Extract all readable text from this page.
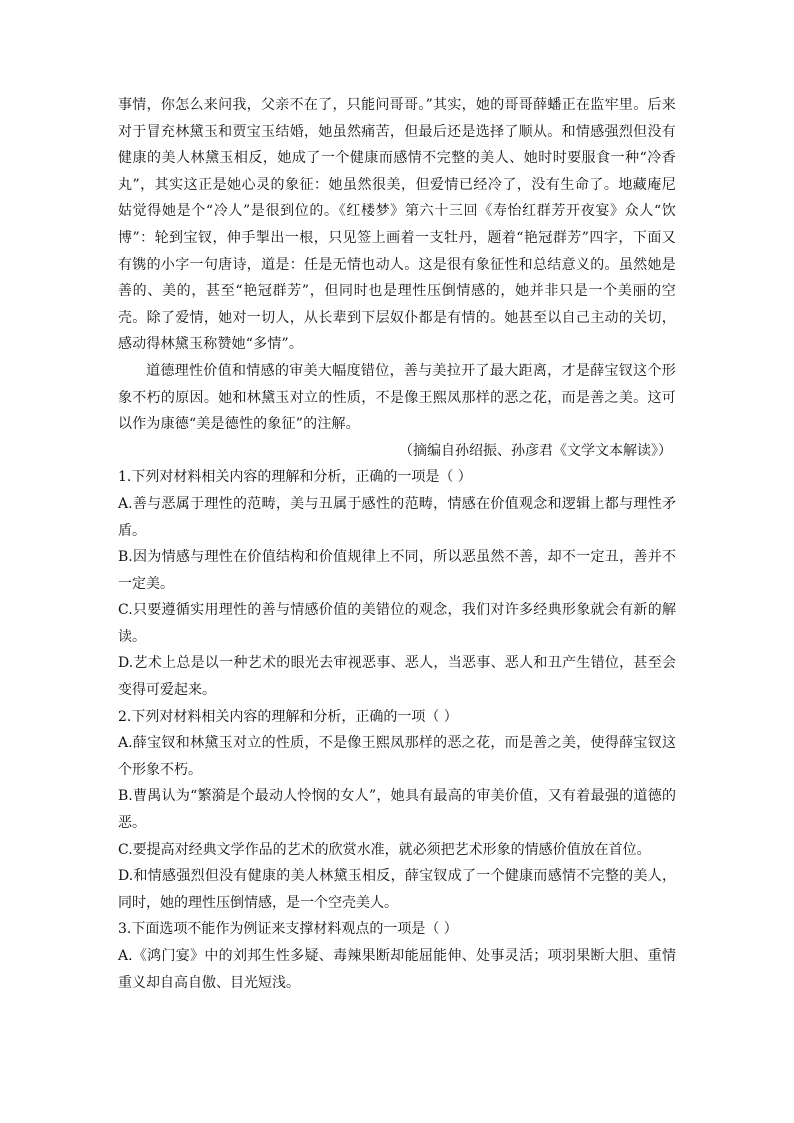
事情，你怎么来问我，父亲不在了，只能问哥哥。”其实，她的哥哥薛蟠正在监牢里。后来对于冒充林黛玉和贾宝玉结婚，她虽然痛苦，但最后还是选择了顺从。和情感强烈但没有健康的美人林黛玉相反，她成了一个健康而感情不完整的美人、她时时要服食一种“冷香丸”，其实这正是她心灵的象征：她虽然很美，但爱情已经冷了，没有生命了。地藏庵尼姑觉得她是个“冷人”是很到位的。《红楼梦》第六十三回《寿怡红群芳开夜宴》众人“饮博”：轮到宝钗，伸手掣出一根，只见签上画着一支牡丹，题着“艳冠群芳”四字，下面又有镌的小字一句唐诗，道是：任是无情也动人。这是很有象征性和总结意义的。虽然她是善的、美的，甚至“艳冠群芳”，但同时也是理性压倒情感的，她并非只是一个美丽的空壳。除了爱情，她对一切人，从长辈到下层奴仆都是有情的。她甚至以自己主动的关切，感动得林黛玉称赞她“多情”。

道德理性价值和情感的审美大幅度错位，善与美拉开了最大距离，才是薛宝钗这个形象不朽的原因。她和林黛玉对立的性质，不是像王熙凤那样的恶之花，而是善之美。这可以作为康德“美是德性的象征”的注解。

（摘编自孙绍振、孙彦君《文学文本解读》）

1.下列对材料相关内容的理解和分析，正确的一项是（ ）

A.善与恶属于理性的范畴，美与丑属于感性的范畴，情感在价值观念和逻辑上都与理性矛盾。

B.因为情感与理性在价值结构和价值规律上不同，所以恶虽然不善，却不一定丑，善并不一定美。

C.只要遵循实用理性的善与情感价值的美错位的观念，我们对许多经典形象就会有新的解读。

D.艺术上总是以一种艺术的眼光去审视恶事、恶人，当恶事、恶人和丑产生错位，甚至会变得可爱起来。

2.下列对材料相关内容的理解和分析，正确的一项（ ）

A.薛宝钗和林黛玉对立的性质，不是像王熙凤那样的恶之花，而是善之美，使得薛宝钗这个形象不朽。

B.曹禺认为“繁漪是个最动人怜悯的女人”，她具有最高的审美价值，又有着最强的道德的恶。

C.要提高对经典文学作品的艺术的欣赏水准，就必须把艺术形象的情感价值放在首位。

D.和情感强烈但没有健康的美人林黛玉相反，薛宝钗成了一个健康而感情不完整的美人，同时，她的理性压倒情感，是一个空壳美人。

3.下面选项不能作为例证来支撑材料观点的一项是（ ）

A.《鸿门宴》中的刘邦生性多疑、毒辣果断却能屈能伸、处事灵活；项羽果断大胆、重情重义却自高自傲、目光短浅。
